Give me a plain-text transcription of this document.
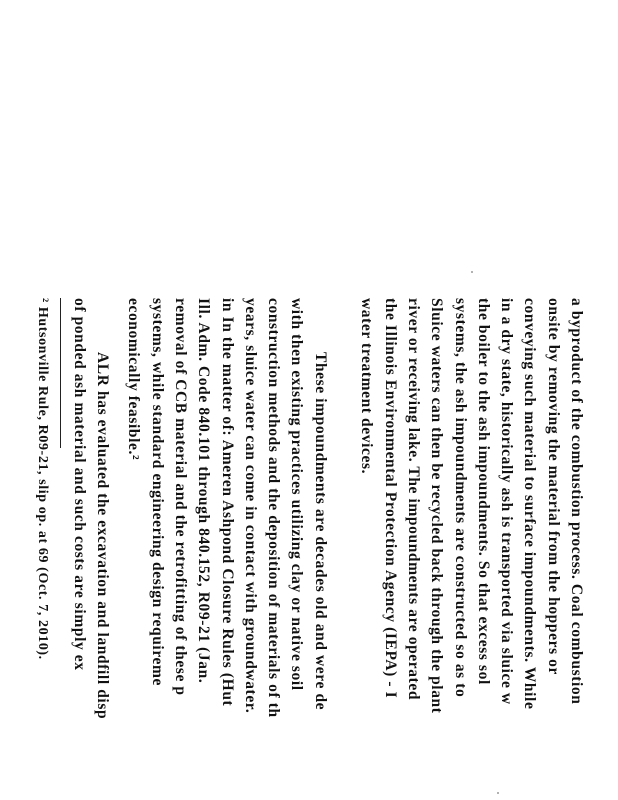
a byproduct of the combustion process. Coal combustion
onsite by removing the material from the hoppers or
conveying such material to surface impoundments. While
in a dry state, historically ash is transported via sluice w
the boiler to the ash impoundments. So that excess sol
systems, the ash impoundments are constructed so as to
Sluice waters can then be recycled back through the plant
river or receiving lake. The impoundments are operated
the Illinois Environmental Protection Agency (IEPA) - I
water treatment devices.
These impoundments are decades old and were de
with then existing practices utilizing clay or native soil
construction methods and the deposition of materials of th
years, sluice water can come in contact with groundwater.
in In the matter of: Ameren Ashpond Closure Rules (Hut
Ill. Adm. Code 840.101 through 840.152, R09-21 (Jan.
removal of CCB material and the retrofitting of these p
systems, while standard engineering design requireme
economically feasible.²
ALR has evaluated the excavation and landfill disp
of ponded ash material and such costs are simply ex
² Hutsonville Rule, R09-21, slip op. at 69 (Oct. 7, 2010).
